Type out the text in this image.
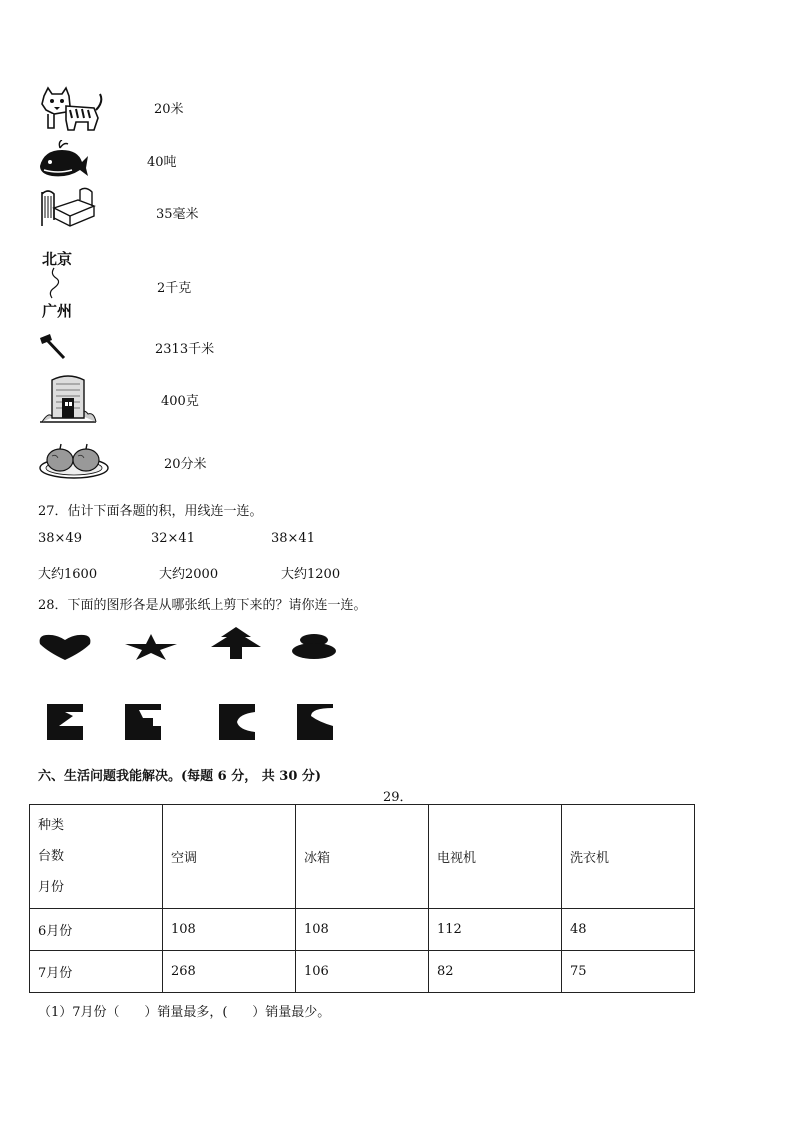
20米
40吨
35毫米
北京
广州
2千克
2313千米
400克
20分米
27．估计下面各题的积，用线连一连。
38×49	32×41	38×41
大约1600	大约2000	大约1200
28．下面的图形各是从哪张纸上剪下来的？请你连一连。
六、生活问题我能解决。(每题 6 分， 共 30 分)
29．
种类
台数
月份	空调	冰箱	电视机	洗衣机
6月份	108	108	112	48
7月份	268	106	82	75
（1）7月份（      ）销量最多，(      ）销量最少。
